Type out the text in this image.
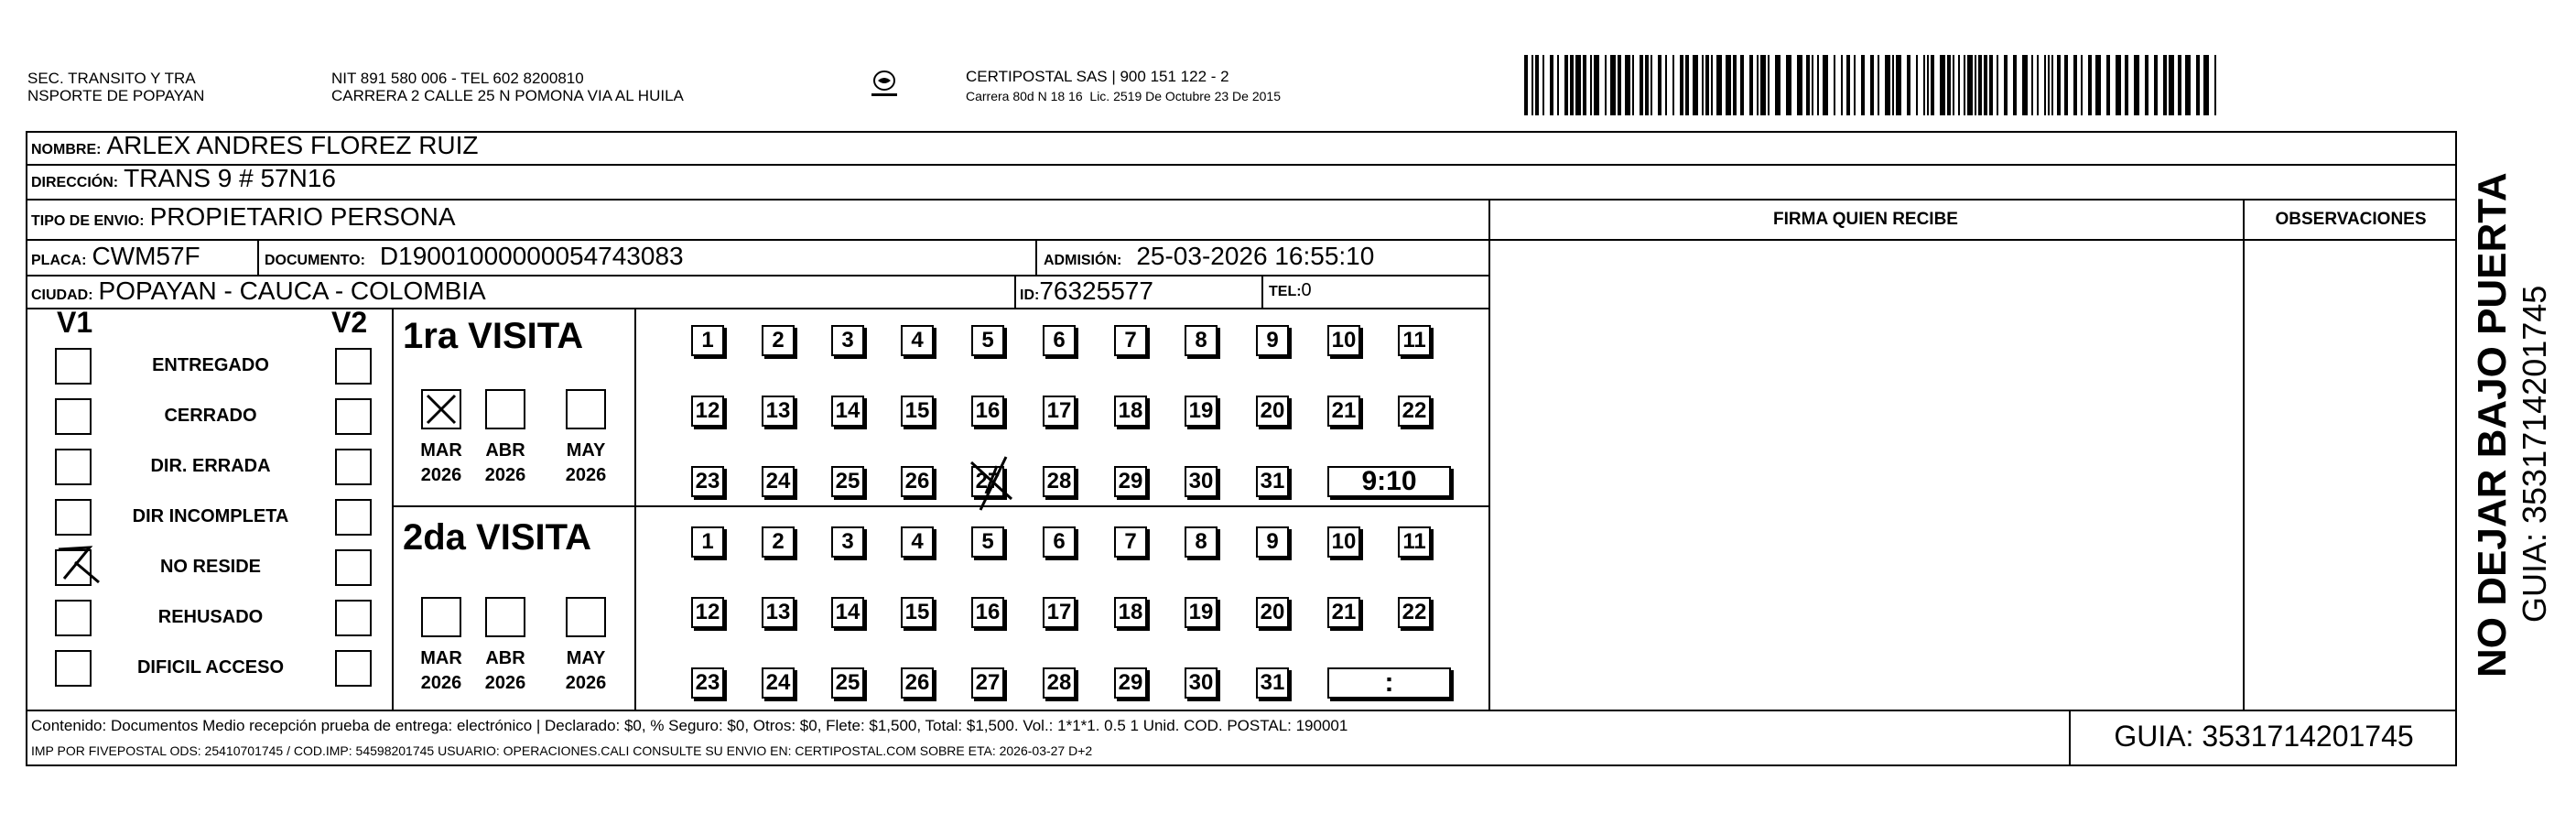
SEC. TRANSITO Y TRA
NSPORTE DE POPAYAN
NIT 891 580 006 - TEL 602 8200810
CARRERA 2 CALLE 25 N POMONA VIA AL HUILA
CERTIPOSTAL SAS | 900 151 122 - 2
Carrera 80d N 18 16  Lic. 2519 De Octubre 23 De 2015
NOMBRE: ARLEX ANDRES FLOREZ RUIZ
DIRECCIÓN: TRANS 9 # 57N16
TIPO DE ENVIO: PROPIETARIO PERSONA	FIRMA QUIEN RECIBE	OBSERVACIONES
PLACA: CWM57F	DOCUMENTO: D19001000000054743083	ADMISIÓN: 25-03-2026 16:55:10
CIUDAD: POPAYAN - CAUCA - COLOMBIA	ID: 76325577	TEL: 0
V1	V2
ENTREGADO
CERRADO
DIR. ERRADA
DIR INCOMPLETA
NO RESIDE
REHUSADO
DIFICIL ACCESO
1ra VISITA
MAR
2026
ABR
2026
MAY
2026
1	2	3	4	5	6	7	8	9	10 11
12 13 14 15 16 17 18 19 20 21 22
23 24 25 26 27 28 29 30 31	9:10
2da VISITA
MAR
2026
ABR
2026
MAY
2026
1	2	3	4	5	6	7	8	9	10 11
12 13 14 15 16 17 18 19 20 21 22
23 24 25 26 27 28 29 30 31	:
Contenido: Documentos Medio recepción prueba de entrega: electrónico | Declarado: $0, % Seguro: $0, Otros: $0, Flete: $1,500, Total: $1,500. Vol.: 1*1*1. 0.5 1 Unid. COD. POSTAL: 190001
IMP POR FIVEPOSTAL ODS: 25410701745 / COD.IMP: 54598201745 USUARIO: OPERACIONES.CALI CONSULTE SU ENVIO EN: CERTIPOSTAL.COM SOBRE ETA: 2026-03-27 D+2	GUIA: 3531714201745
NO DEJAR BAJO PUERTA GUIA: 3531714201745
